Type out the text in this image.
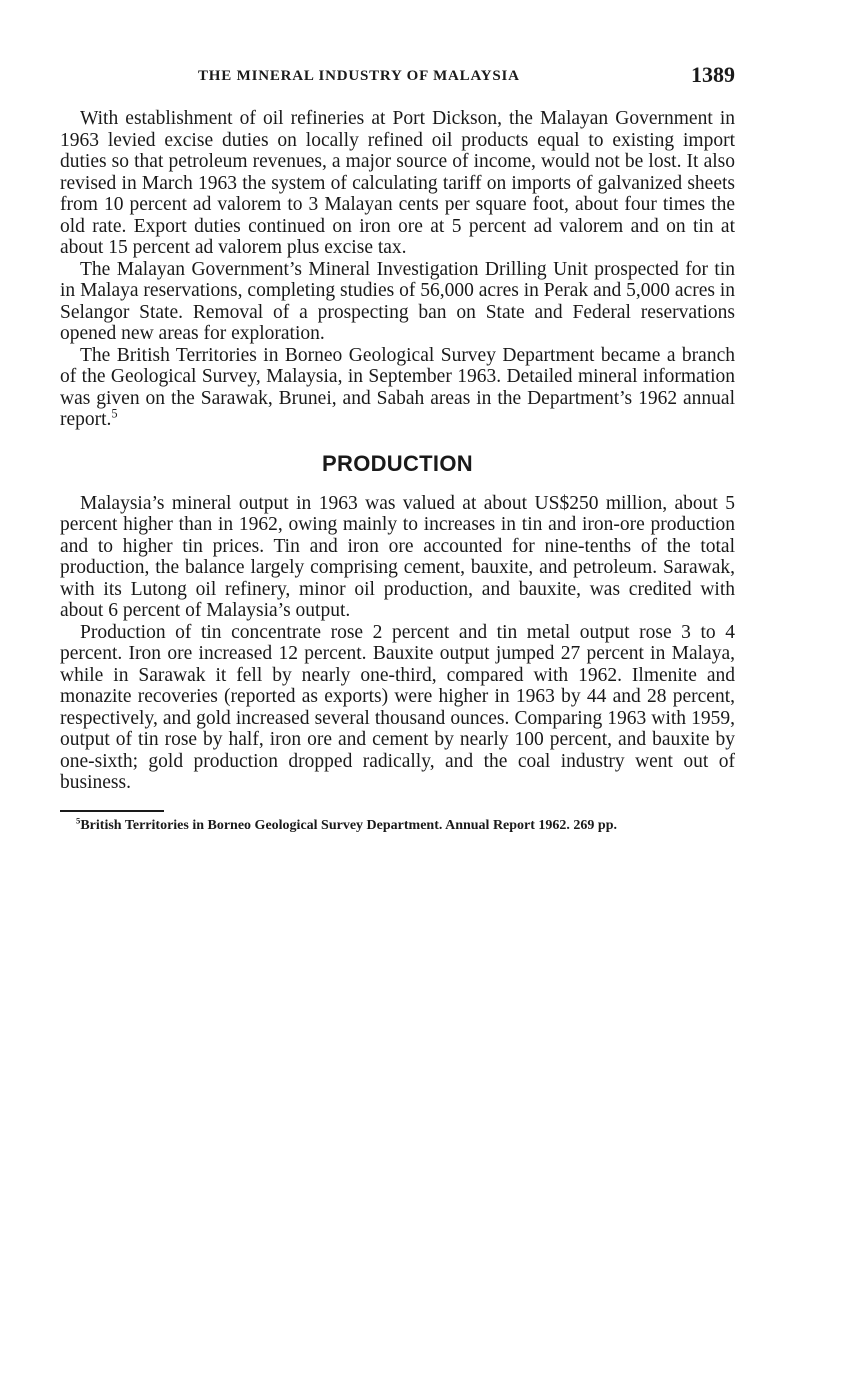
THE MINERAL INDUSTRY OF MALAYSIA	1389

With establishment of oil refineries at Port Dickson, the Malayan Government in 1963 levied excise duties on locally refined oil products equal to existing import duties so that petroleum revenues, a major source of income, would not be lost. It also revised in March 1963 the system of calculating tariff on imports of galvanized sheets from 10 percent ad valorem to 3 Malayan cents per square foot, about four times the old rate. Export duties continued on iron ore at 5 percent ad valorem and on tin at about 15 percent ad valorem plus excise tax.

The Malayan Government’s Mineral Investigation Drilling Unit prospected for tin in Malaya reservations, completing studies of 56,000 acres in Perak and 5,000 acres in Selangor State. Removal of a prospecting ban on State and Federal reservations opened new areas for exploration.

The British Territories in Borneo Geological Survey Department became a branch of the Geological Survey, Malaysia, in September 1963. Detailed mineral information was given on the Sarawak, Brunei, and Sabah areas in the Department’s 1962 annual report.$^5$

PRODUCTION

Malaysia’s mineral output in 1963 was valued at about US$250 million, about 5 percent higher than in 1962, owing mainly to increases in tin and iron-ore production and to higher tin prices. Tin and iron ore accounted for nine-tenths of the total production, the balance largely comprising cement, bauxite, and petroleum. Sarawak, with its Lutong oil refinery, minor oil production, and bauxite, was credited with about 6 percent of Malaysia’s output.

Production of tin concentrate rose 2 percent and tin metal output rose 3 to 4 percent. Iron ore increased 12 percent. Bauxite output jumped 27 percent in Malaya, while in Sarawak it fell by nearly one-third, compared with 1962. Ilmenite and monazite recoveries (reported as exports) were higher in 1963 by 44 and 28 percent, respectively, and gold increased several thousand ounces. Comparing 1963 with 1959, output of tin rose by half, iron ore and cement by nearly 100 percent, and bauxite by one-sixth; gold production dropped radically, and the coal industry went out of business.

$^5$British Territories in Borneo Geological Survey Department. Annual Report 1962. 269 pp.
